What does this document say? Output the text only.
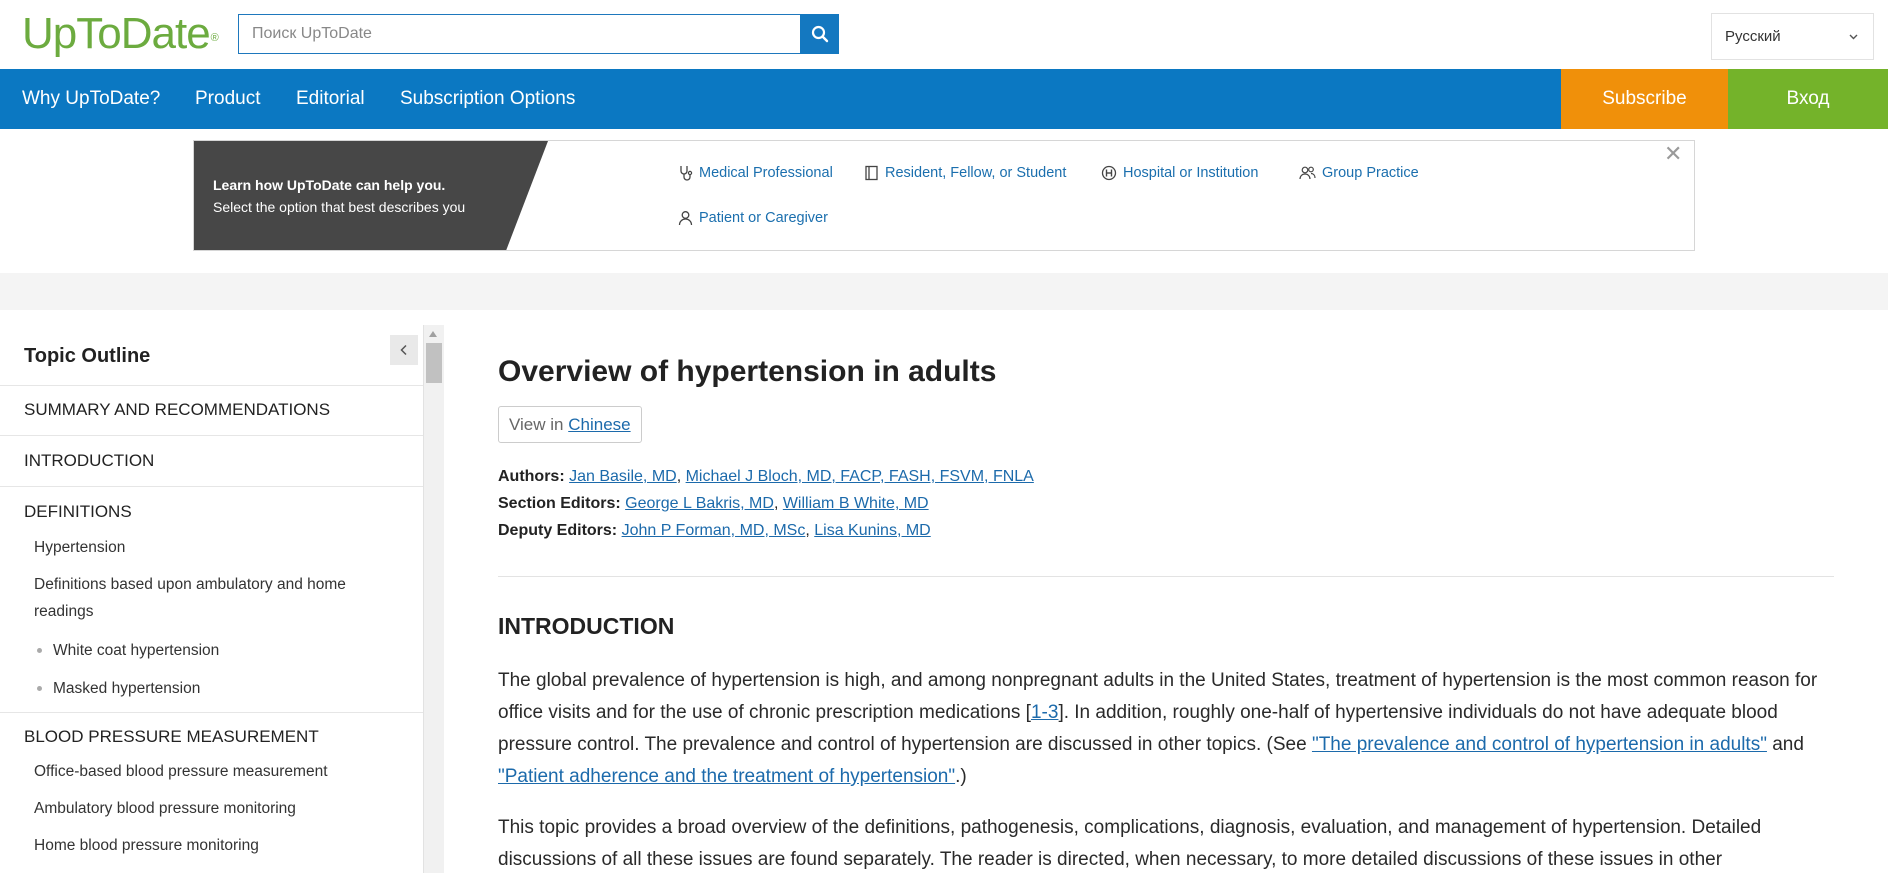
UpToDate®
Поиск UpToDate	Русский
Why UpToDate? Product Editorial Subscription Options	Subscribe	Вход
Learn how UpToDate can help you.
Select the option that best describes you
Medical Professional	Resident, Fellow, or Student	Hospital or Institution	Group Practice
Patient or Caregiver
✕
Topic Outline
SUMMARY AND RECOMMENDATIONS
INTRODUCTION
DEFINITIONS
Hypertension
Definitions based upon ambulatory and home readings
White coat hypertension
Masked hypertension
BLOOD PRESSURE MEASUREMENT
Office-based blood pressure measurement
Ambulatory blood pressure monitoring
Home blood pressure monitoring
Overview of hypertension in adults
View in Chinese
Authors: Jan Basile, MD, Michael J Bloch, MD, FACP, FASH, FSVM, FNLA
Section Editors: George L Bakris, MD, William B White, MD
Deputy Editors: John P Forman, MD, MSc, Lisa Kunins, MD
INTRODUCTION
The global prevalence of hypertension is high, and among nonpregnant adults in the United States, treatment of hypertension is the most common reason for office visits and for the use of chronic prescription medications [1-3]. In addition, roughly one-half of hypertensive individuals do not have adequate blood pressure control. The prevalence and control of hypertension are discussed in other topics. (See "The prevalence and control of hypertension in adults" and "Patient adherence and the treatment of hypertension".)
This topic provides a broad overview of the definitions, pathogenesis, complications, diagnosis, evaluation, and management of hypertension. Detailed discussions of all these issues are found separately. The reader is directed, when necessary, to more detailed discussions of these issues in other
